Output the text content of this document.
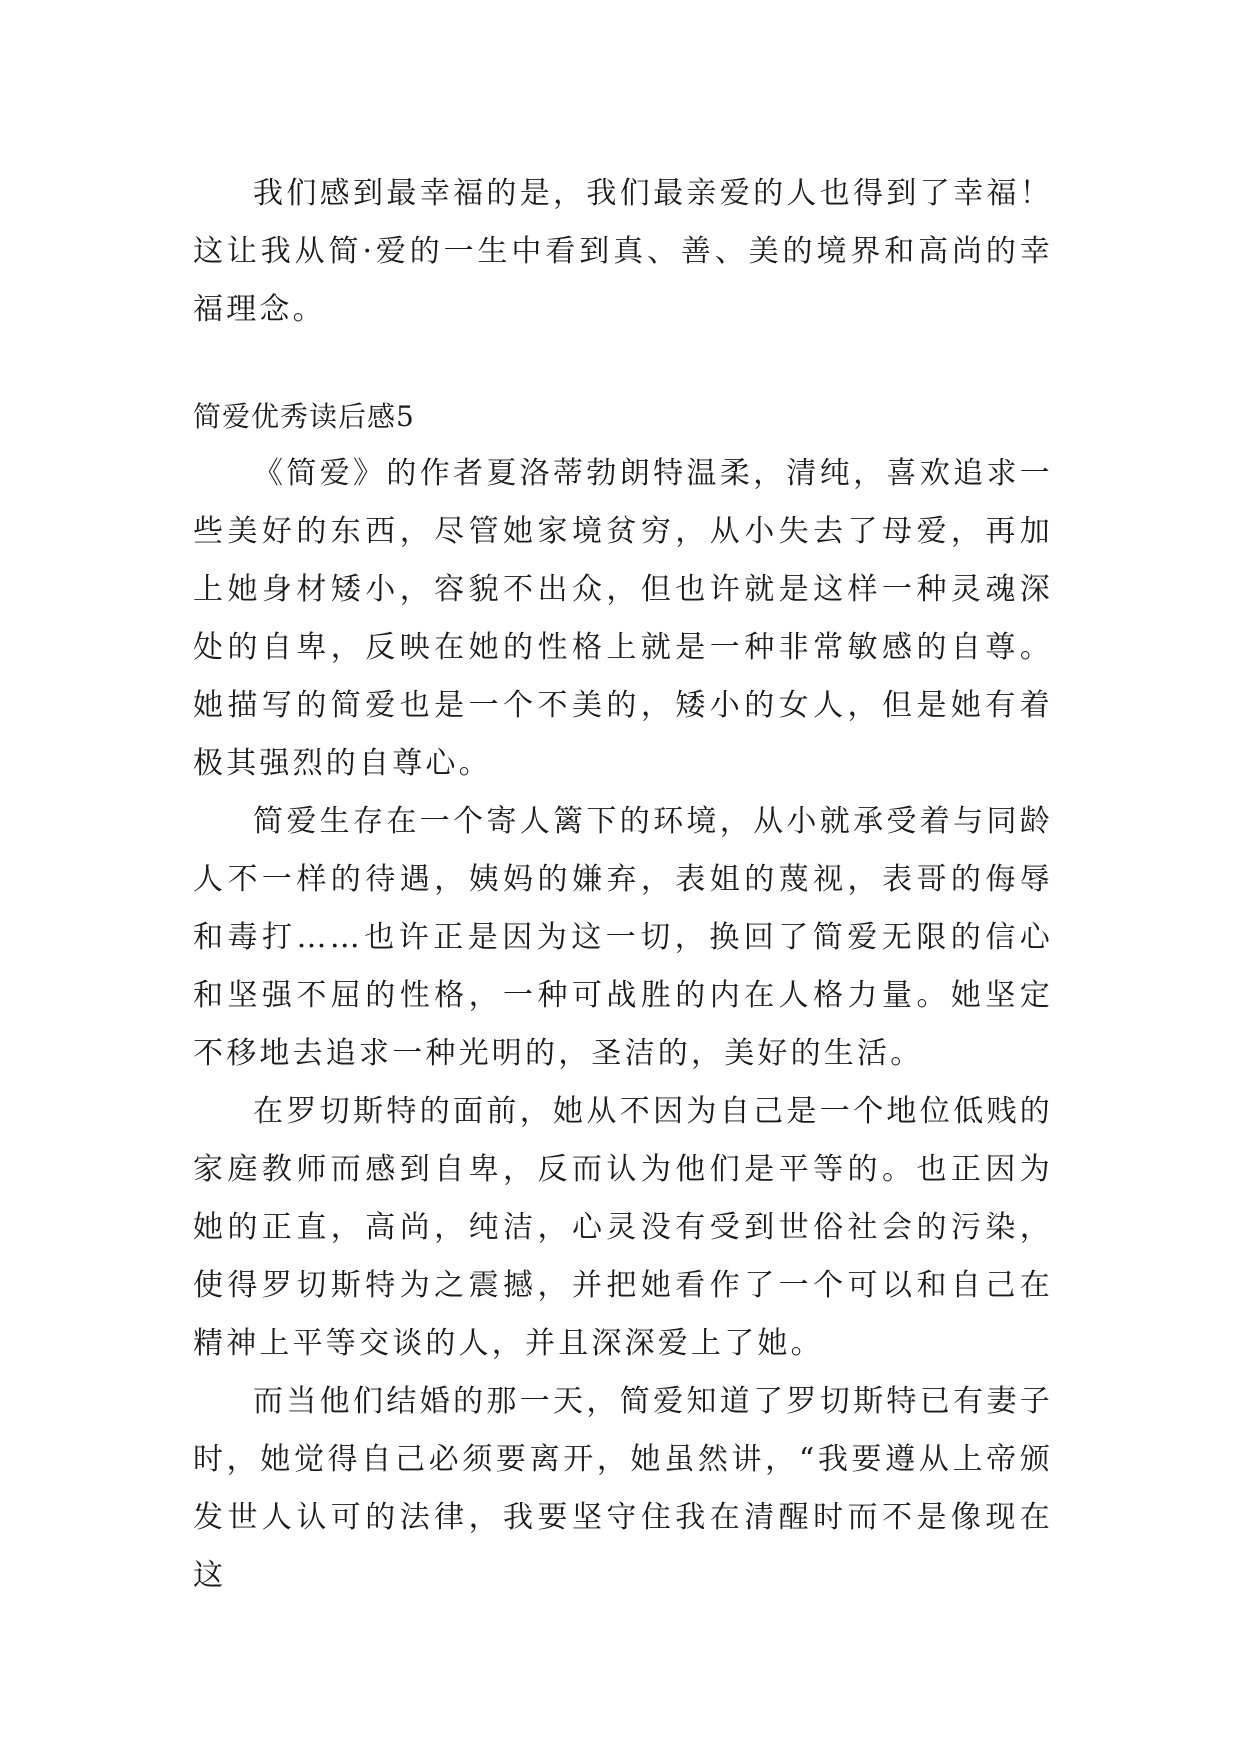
我们感到最幸福的是，我们最亲爱的人也得到了幸福！这让我从简·爱的一生中看到真、善、美的境界和高尚的幸福理念。

简爱优秀读后感5

《简爱》的作者夏洛蒂勃朗特温柔，清纯，喜欢追求一些美好的东西，尽管她家境贫穷，从小失去了母爱，再加上她身材矮小，容貌不出众，但也许就是这样一种灵魂深处的自卑，反映在她的性格上就是一种非常敏感的自尊。她描写的简爱也是一个不美的，矮小的女人，但是她有着极其强烈的自尊心。

简爱生存在一个寄人篱下的环境，从小就承受着与同龄人不一样的待遇，姨妈的嫌弃，表姐的蔑视，表哥的侮辱和毒打……也许正是因为这一切，换回了简爱无限的信心和坚强不屈的性格，一种可战胜的内在人格力量。她坚定不移地去追求一种光明的，圣洁的，美好的生活。

在罗切斯特的面前，她从不因为自己是一个地位低贱的家庭教师而感到自卑，反而认为他们是平等的。也正因为她的正直，高尚，纯洁，心灵没有受到世俗社会的污染，使得罗切斯特为之震撼，并把她看作了一个可以和自己在精神上平等交谈的人，并且深深爱上了她。

而当他们结婚的那一天，简爱知道了罗切斯特已有妻子时，她觉得自己必须要离开，她虽然讲，“我要遵从上帝颁发世人认可的法律，我要坚守住我在清醒时而不是像现在这
